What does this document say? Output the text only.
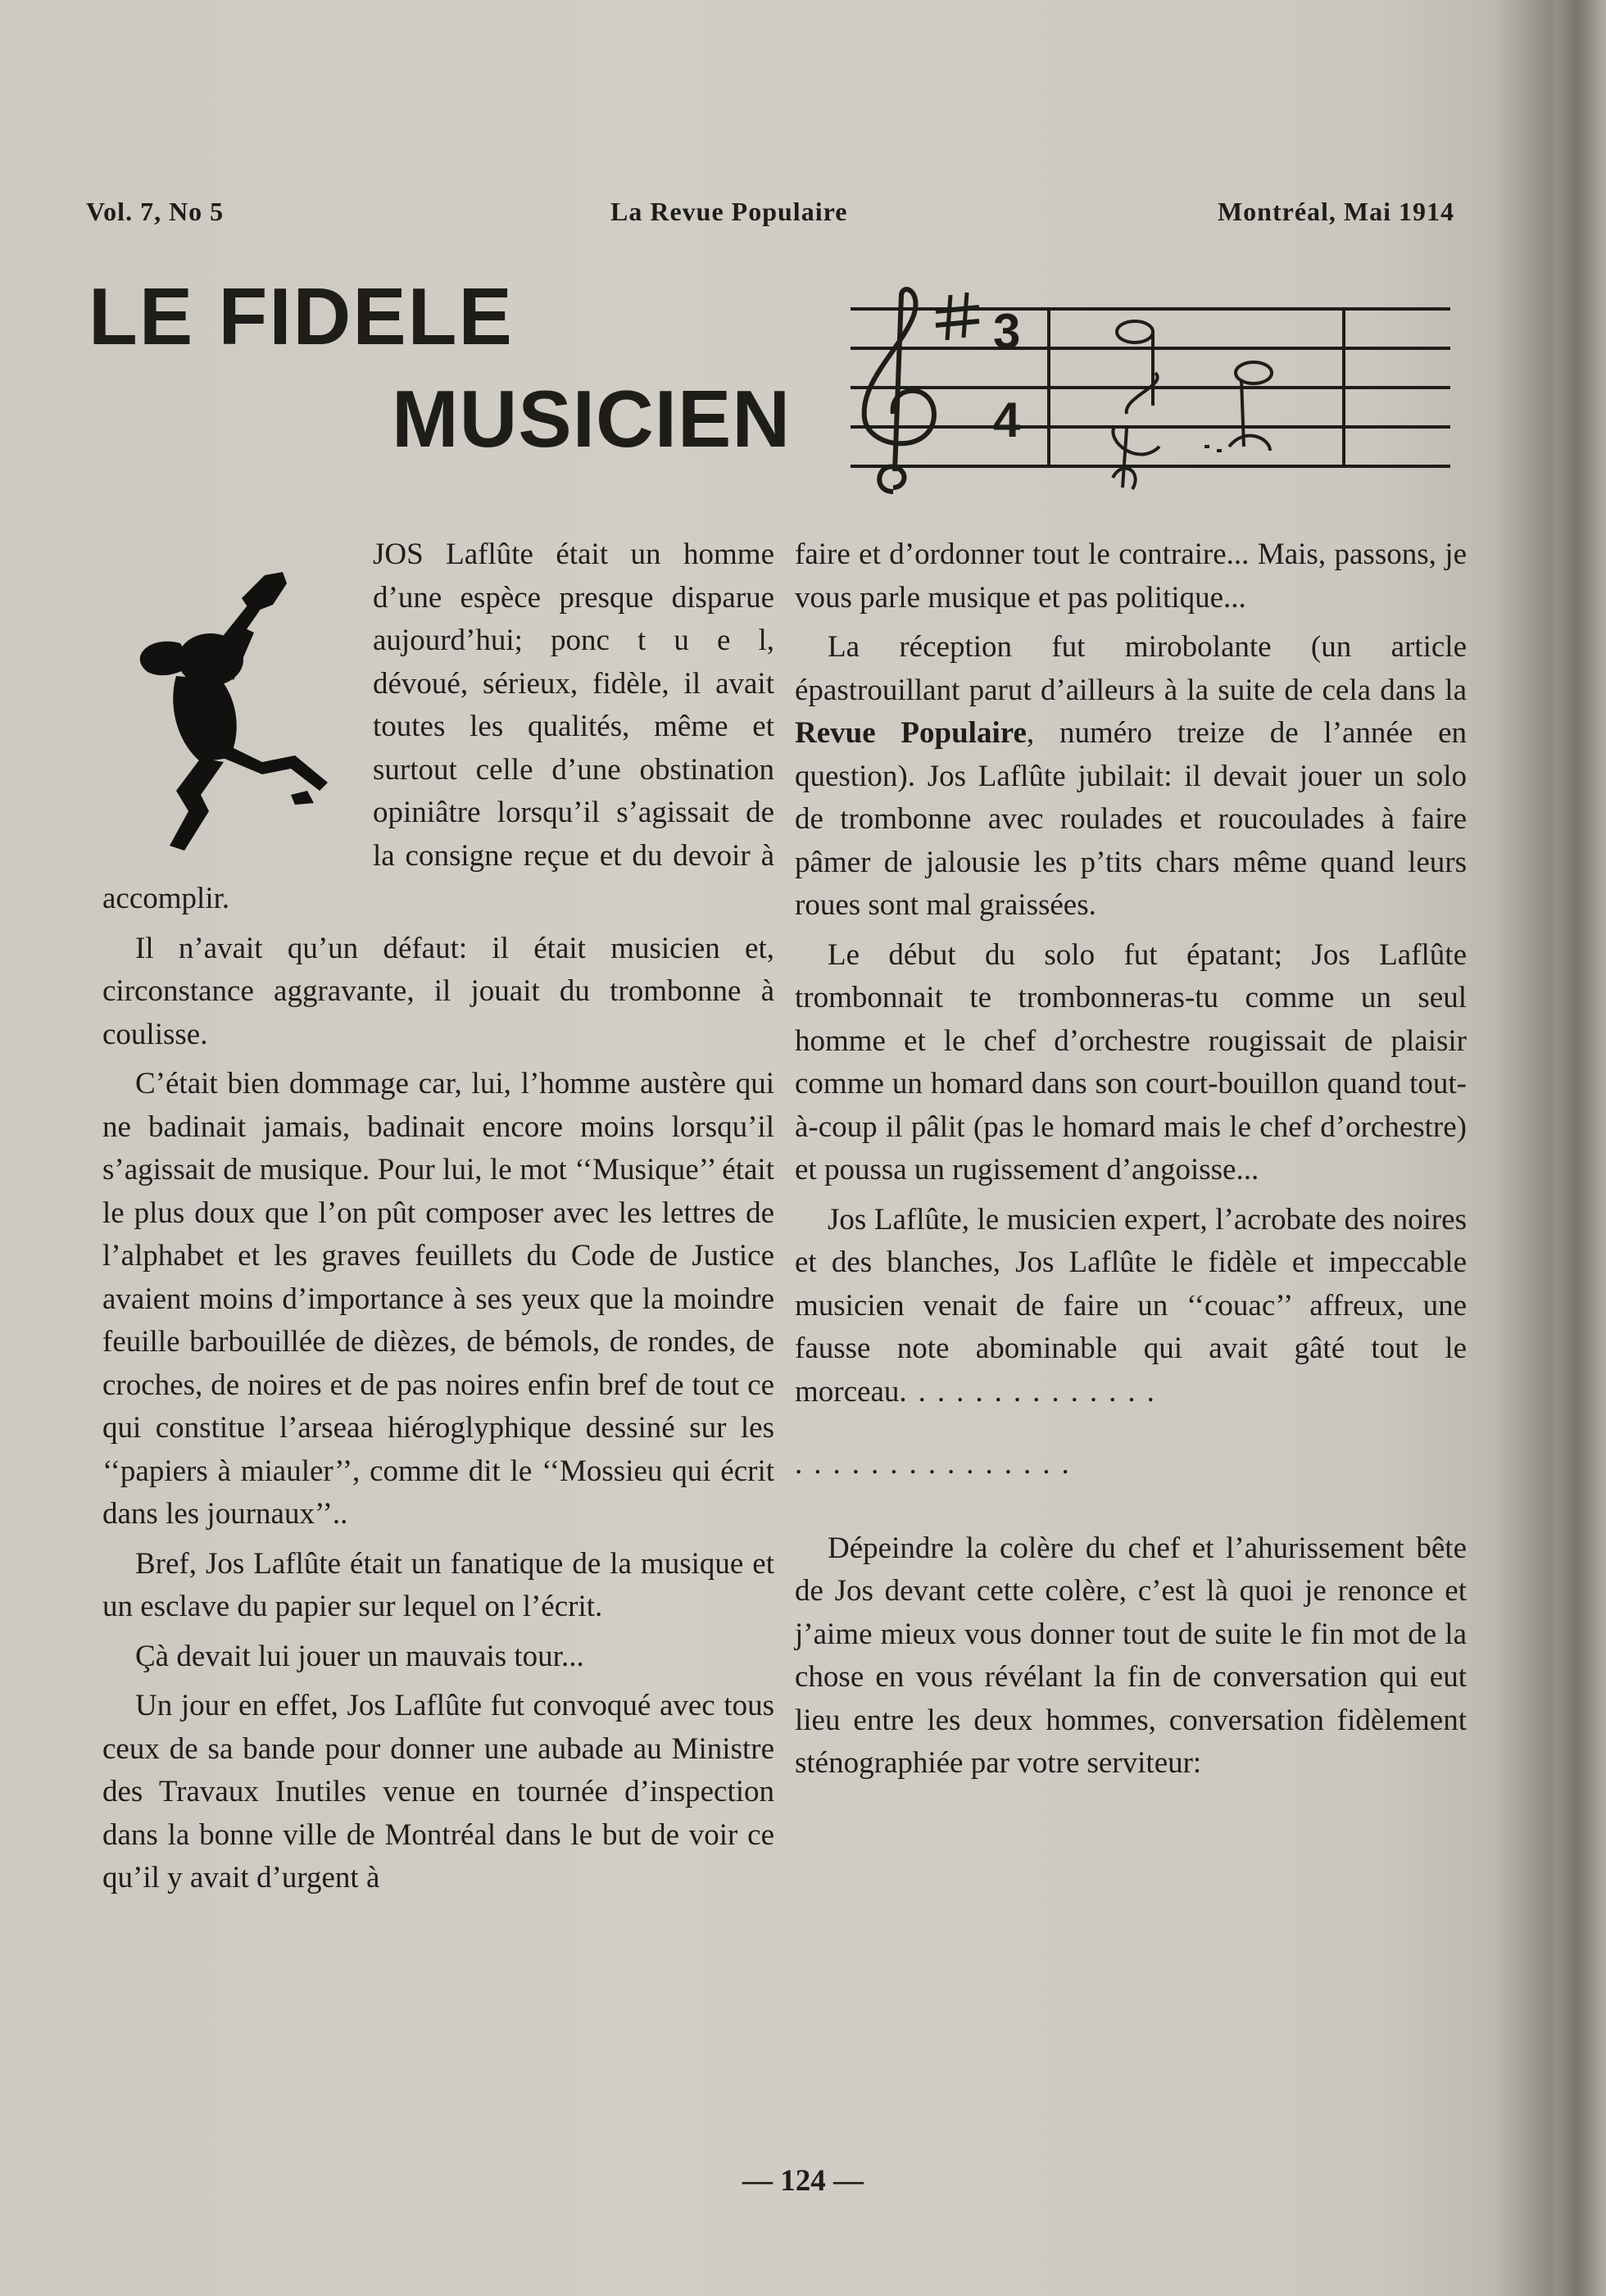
Vol. 7, No 5	La Revue Populaire	Montréal, Mai 1914
LE FIDELE
MUSICIEN
3
4

JOS Laflûte était un homme d’une espèce presque disparue aujourd’hui; ponc t u e l, dévoué, sérieux, fidèle, il avait toutes les qualités, même et surtout celle d’une obstination opiniâtre lorsqu’il s’agissait de la consigne reçue et du devoir à accomplir.

Il n’avait qu’un défaut: il était musicien et, circonstance aggravante, il jouait du trombonne à coulisse.

C’était bien dommage car, lui, l’homme austère qui ne badinait jamais, badinait encore moins lorsqu’il s’agissait de musique. Pour lui, le mot ‘‘Musique’’ était le plus doux que l’on pût composer avec les lettres de l’alphabet et les graves feuillets du Code de Justice avaient moins d’importance à ses yeux que la moindre feuille barbouillée de dièzes, de bémols, de rondes, de croches, de noires et de pas noires enfin bref de tout ce qui constitue l’arseaa hiéroglyphique dessiné sur les ‘‘papiers à miauler’’, comme dit le ‘‘Mossieu qui écrit dans les journaux’’..

Bref, Jos Laflûte était un fanatique de la musique et un esclave du papier sur lequel on l’écrit.

Çà devait lui jouer un mauvais tour...

Un jour en effet, Jos Laflûte fut convoqué avec tous ceux de sa bande pour donner une aubade au Ministre des Travaux Inutiles venue en tournée d’inspection dans la bonne ville de Montréal dans le but de voir ce qu’il y avait d’urgent à

faire et d’ordonner tout le contraire... Mais, passons, je vous parle musique et pas politique...

La réception fut mirobolante (un article épastrouillant parut d’ailleurs à la suite de cela dans la Revue Populaire, numéro treize de l’année en question). Jos Laflûte jubilait: il devait jouer un solo de trombonne avec roulades et roucoulades à faire pâmer de jalousie les p’tits chars même quand leurs roues sont mal graissées.

Le début du solo fut épatant; Jos Laflûte trombonnait te trombonneras-tu comme un seul homme et le chef d’orchestre rougissait de plaisir comme un homard dans son court-bouillon quand tout-à-coup il pâlit (pas le homard mais le chef d’orchestre) et poussa un rugissement d’angoisse...

Jos Laflûte, le musicien expert, l’acrobate des noires et des blanches, Jos Laflûte le fidèle et impeccable musicien venait de faire un ‘‘couac’’ affreux, une fausse note abominable qui avait gâté tout le morceau..............

...............

Dépeindre la colère du chef et l’ahurissement bête de Jos devant cette colère, c’est là quoi je renonce et j’aime mieux vous donner tout de suite le fin mot de la chose en vous révélant la fin de conversation qui eut lieu entre les deux hommes, conversation fidèlement sténographiée par votre serviteur:

— 124 —
